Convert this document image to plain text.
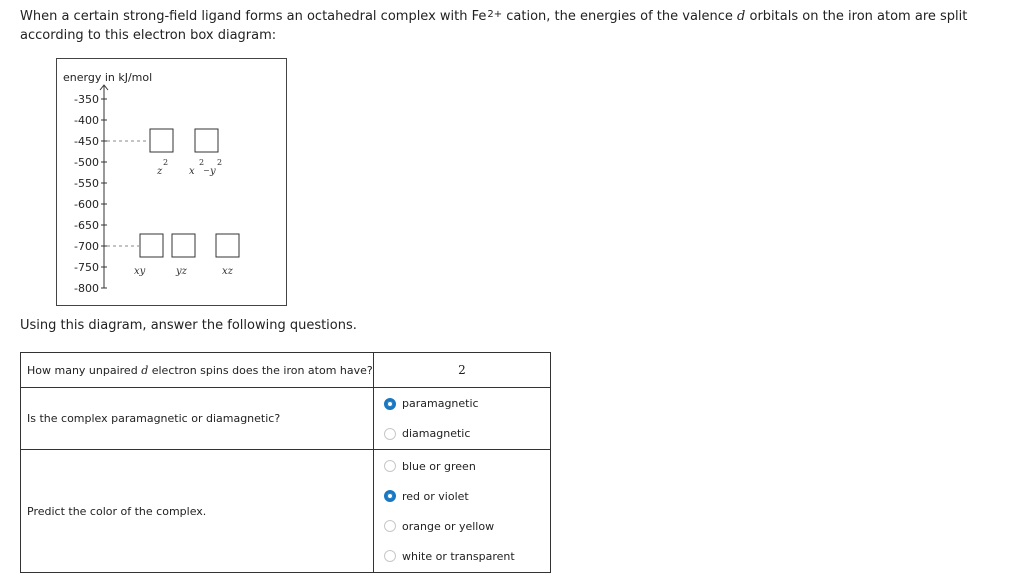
When a certain strong-field ligand forms an octahedral complex with $Fe^{2+}$ cation, the energies of the valence d orbitals on the iron atom are split according to this electron box diagram:

energy in kJ/mol
-350
-400
-450
-500
-550
-600
-650
-700
-750
-800
z
2
x
2
− y
2
xy	yz	xz

Using this diagram, answer the following questions.

How many unpaired d electron spins does the iron atom have?	2
Is the complex paramagnetic or diamagnetic?	paramagnetic
diamagnetic

Predict the color of the complex.	blue or green
red or violet
orange or yellow
white or transparent
